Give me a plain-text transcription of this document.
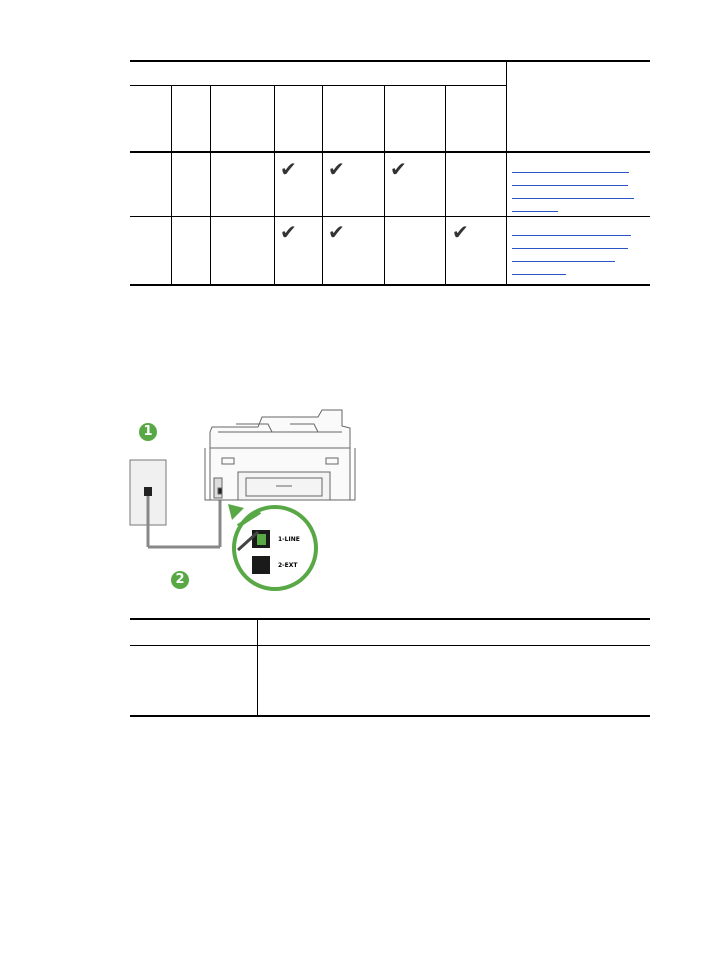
✔ ✔ ✔
✔ ✔	✔
1
2
1-LINE
2-EXT
